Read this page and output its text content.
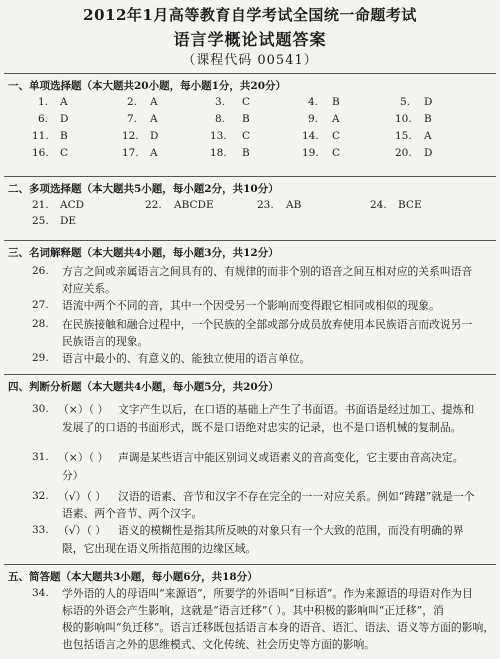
2012年1月高等教育自学考试全国统一命题考试
语言学概论试题答案
（课程代码 00541）
一、单项选择题（本大题共20小题，每小题1分，共20分）
1. A	2. A	3. C	4. B	5. D
6. D	7. A	8. B	9. A	10. B
11. B	12. D	13. C	14. C	15. A
16. C	17. A	18. B	19. C	20. D
二、多项选择题（本大题共5小题，每小题2分，共10分）
21. ACD	22. ABCDE	23. AB	24. BCE
25. DE
三、名词解释题（本大题共4小题，每小题3分，共12分）
26. 方言之间或亲属语言之间具有的、有规律的而非个别的语音之间互相对应的关系叫语音
对应关系。
27. 语流中两个不同的音，其中一个因受另一个影响而变得跟它相同或相似的现象。
28. 在民族接触和融合过程中，一个民族的全部或部分成员放弃使用本民族语言而改说另一
民族语言的现象。
29. 语言中最小的、有意义的、能独立使用的语言单位。
四、判断分析题（本大题共4小题，每小题5分，共20分）
30. （×）（ ） 文字产生以后，在口语的基础上产生了书面语。书面语是经过加工、提炼和
发展了的口语的书面形式，既不是口语绝对忠实的记录，也不是口语机械的复制品。
31. （×）（ ） 声调是某些语言中能区别词义或语素义的音高变化，它主要由音高决定。
分）
32. （√）（ ） 汉语的语素、音节和汉字不存在完全的一一对应关系。例如“踌躇”就是一个
语素、两个音节、两个汉字。
33. （√）（ ） 语义的模糊性是指其所反映的对象只有一个大致的范围，而没有明确的界
限，它出现在语义所指范围的边缘区域。
五、简答题（本大题共3小题，每小题6分，共18分）
34. 学外语的人的母语叫“来源语”，所要学的外语叫“目标语”。作为来源语的母语对作为目
标语的外语会产生影响，这就是“语言迁移”（ ）。其中积极的影响叫“正迁移”，消
极的影响叫“负迁移”。语言迁移既包括语言本身的语音、语汇、语法、语义等方面的影响，
也包括语言之外的思维模式、文化传统、社会历史等方面的影响。
